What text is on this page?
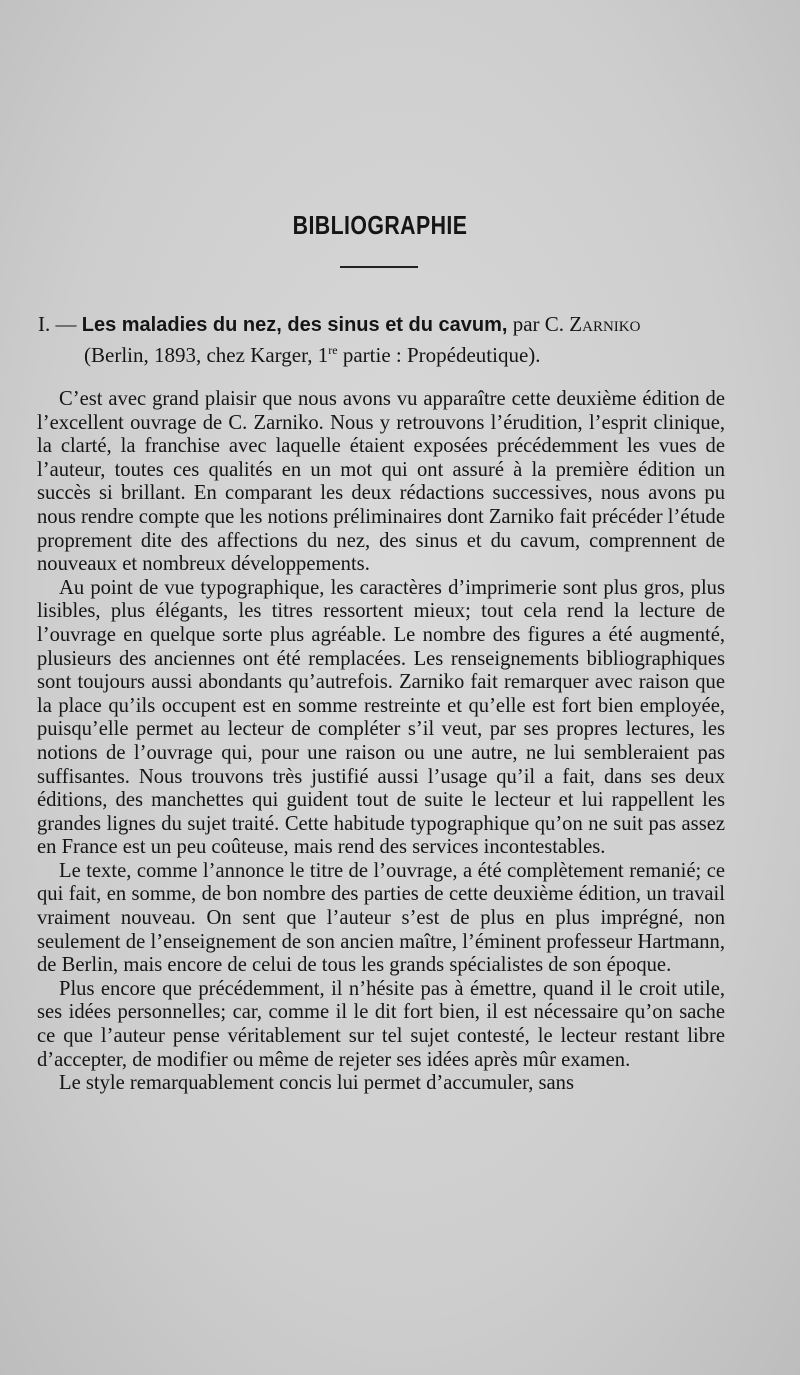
BIBLIOGRAPHIE
I. — Les maladies du nez, des sinus et du cavum, par C. Zarniko
(Berlin, 1893, chez Karger, 1re partie : Propédeutique).

C’est avec grand plaisir que nous avons vu apparaître cette deuxième édition de l’excellent ouvrage de C. Zarniko. Nous y retrouvons l’érudition, l’esprit clinique, la clarté, la franchise avec laquelle étaient exposées précédemment les vues de l’auteur, toutes ces qualités en un mot qui ont assuré à la première édition un succès si brillant. En comparant les deux rédactions successives, nous avons pu nous rendre compte que les notions préliminaires dont Zarniko fait précéder l’étude proprement dite des affections du nez, des sinus et du cavum, comprennent de nouveaux et nombreux développements.

Au point de vue typographique, les caractères d’imprimerie sont plus gros, plus lisibles, plus élégants, les titres ressortent mieux; tout cela rend la lecture de l’ouvrage en quelque sorte plus agréable. Le nombre des figures a été augmenté, plusieurs des anciennes ont été remplacées. Les renseignements bibliographiques sont toujours aussi abondants qu’autrefois. Zarniko fait remarquer avec raison que la place qu’ils occupent est en somme restreinte et qu’elle est fort bien employée, puisqu’elle permet au lecteur de compléter s’il veut, par ses propres lectures, les notions de l’ouvrage qui, pour une raison ou une autre, ne lui sembleraient pas suffisantes. Nous trouvons très justifié aussi l’usage qu’il a fait, dans ses deux éditions, des manchettes qui guident tout de suite le lecteur et lui rappellent les grandes lignes du sujet traité. Cette habitude typographique qu’on ne suit pas assez en France est un peu coûteuse, mais rend des services incontestables.

Le texte, comme l’annonce le titre de l’ouvrage, a été complètement remanié; ce qui fait, en somme, de bon nombre des parties de cette deuxième édition, un travail vraiment nouveau. On sent que l’auteur s’est de plus en plus imprégné, non seulement de l’enseignement de son ancien maître, l’éminent professeur Hartmann, de Berlin, mais encore de celui de tous les grands spécialistes de son époque.

Plus encore que précédemment, il n’hésite pas à émettre, quand il le croit utile, ses idées personnelles; car, comme il le dit fort bien, il est nécessaire qu’on sache ce que l’auteur pense véritablement sur tel sujet contesté, le lecteur restant libre d’accepter, de modifier ou même de rejeter ses idées après mûr examen.

Le style remarquablement concis lui permet d’accumuler, sans
